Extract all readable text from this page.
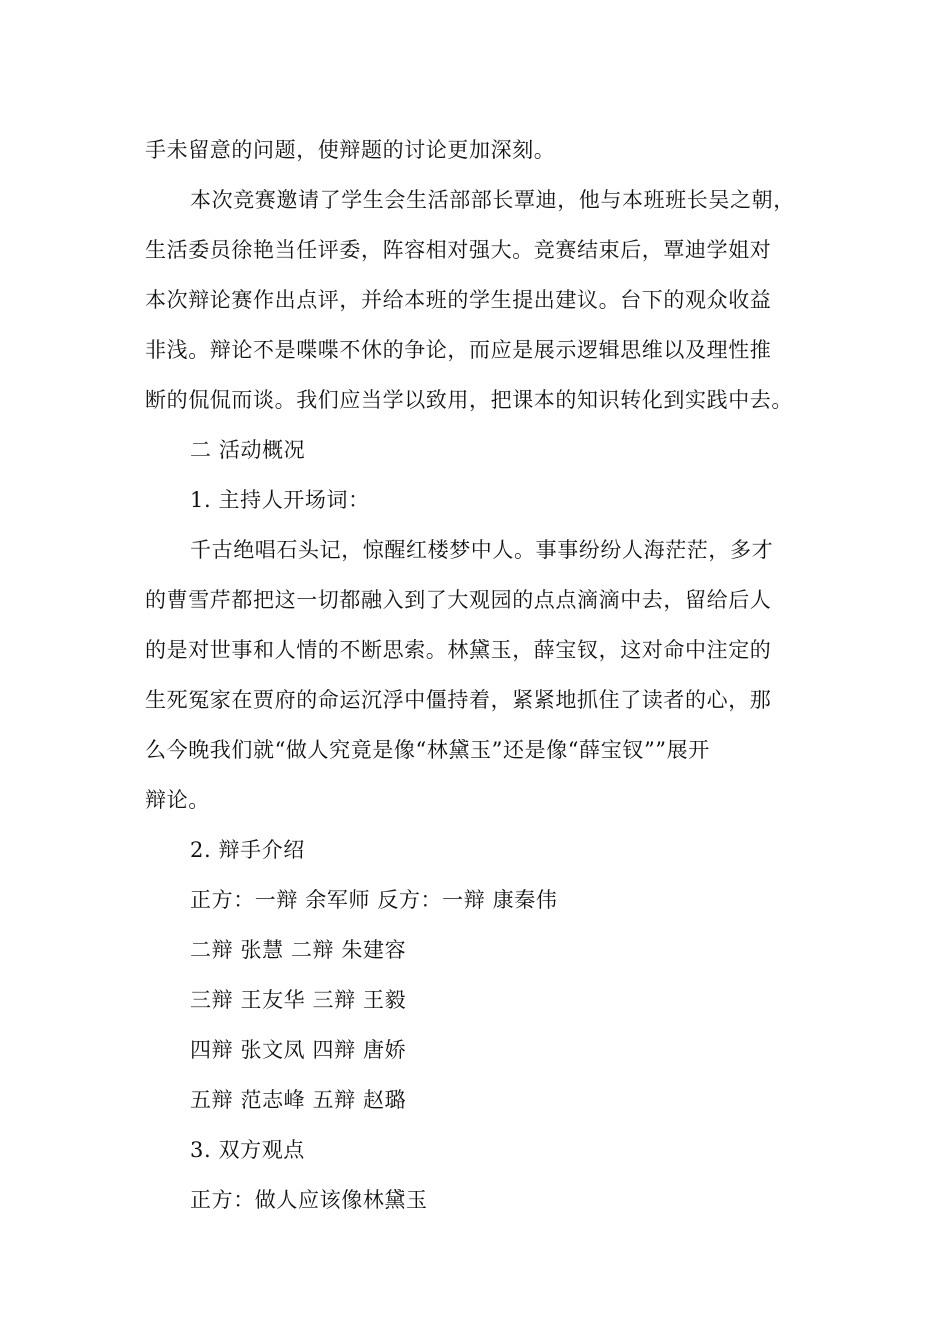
手未留意的问题，使辩题的讨论更加深刻。
本次竞赛邀请了学生会生活部部长覃迪，他与本班班长吴之朝，
生活委员徐艳当任评委，阵容相对强大。竞赛结束后，覃迪学姐对
本次辩论赛作出点评，并给本班的学生提出建议。台下的观众收益
非浅。辩论不是喋喋不休的争论，而应是展示逻辑思维以及理性推
断的侃侃而谈。我们应当学以致用，把课本的知识转化到实践中去。
二 活动概况
1. 主持人开场词：
千古绝唱石头记，惊醒红楼梦中人。事事纷纷人海茫茫，多才
的曹雪芹都把这一切都融入到了大观园的点点滴滴中去，留给后人
的是对世事和人情的不断思索。林黛玉，薛宝钗，这对命中注定的
生死冤家在贾府的命运沉浮中僵持着，紧紧地抓住了读者的心，那
么今晚我们就“做人究竟是像“林黛玉”还是像“薛宝钗””展开
辩论。
2. 辩手介绍
正方：一辩 余军师 反方：一辩 康秦伟
二辩 张慧 二辩 朱建容
三辩 王友华 三辩 王毅
四辩 张文凤 四辩 唐娇
五辩 范志峰 五辩 赵璐
3. 双方观点
正方：做人应该像林黛玉
